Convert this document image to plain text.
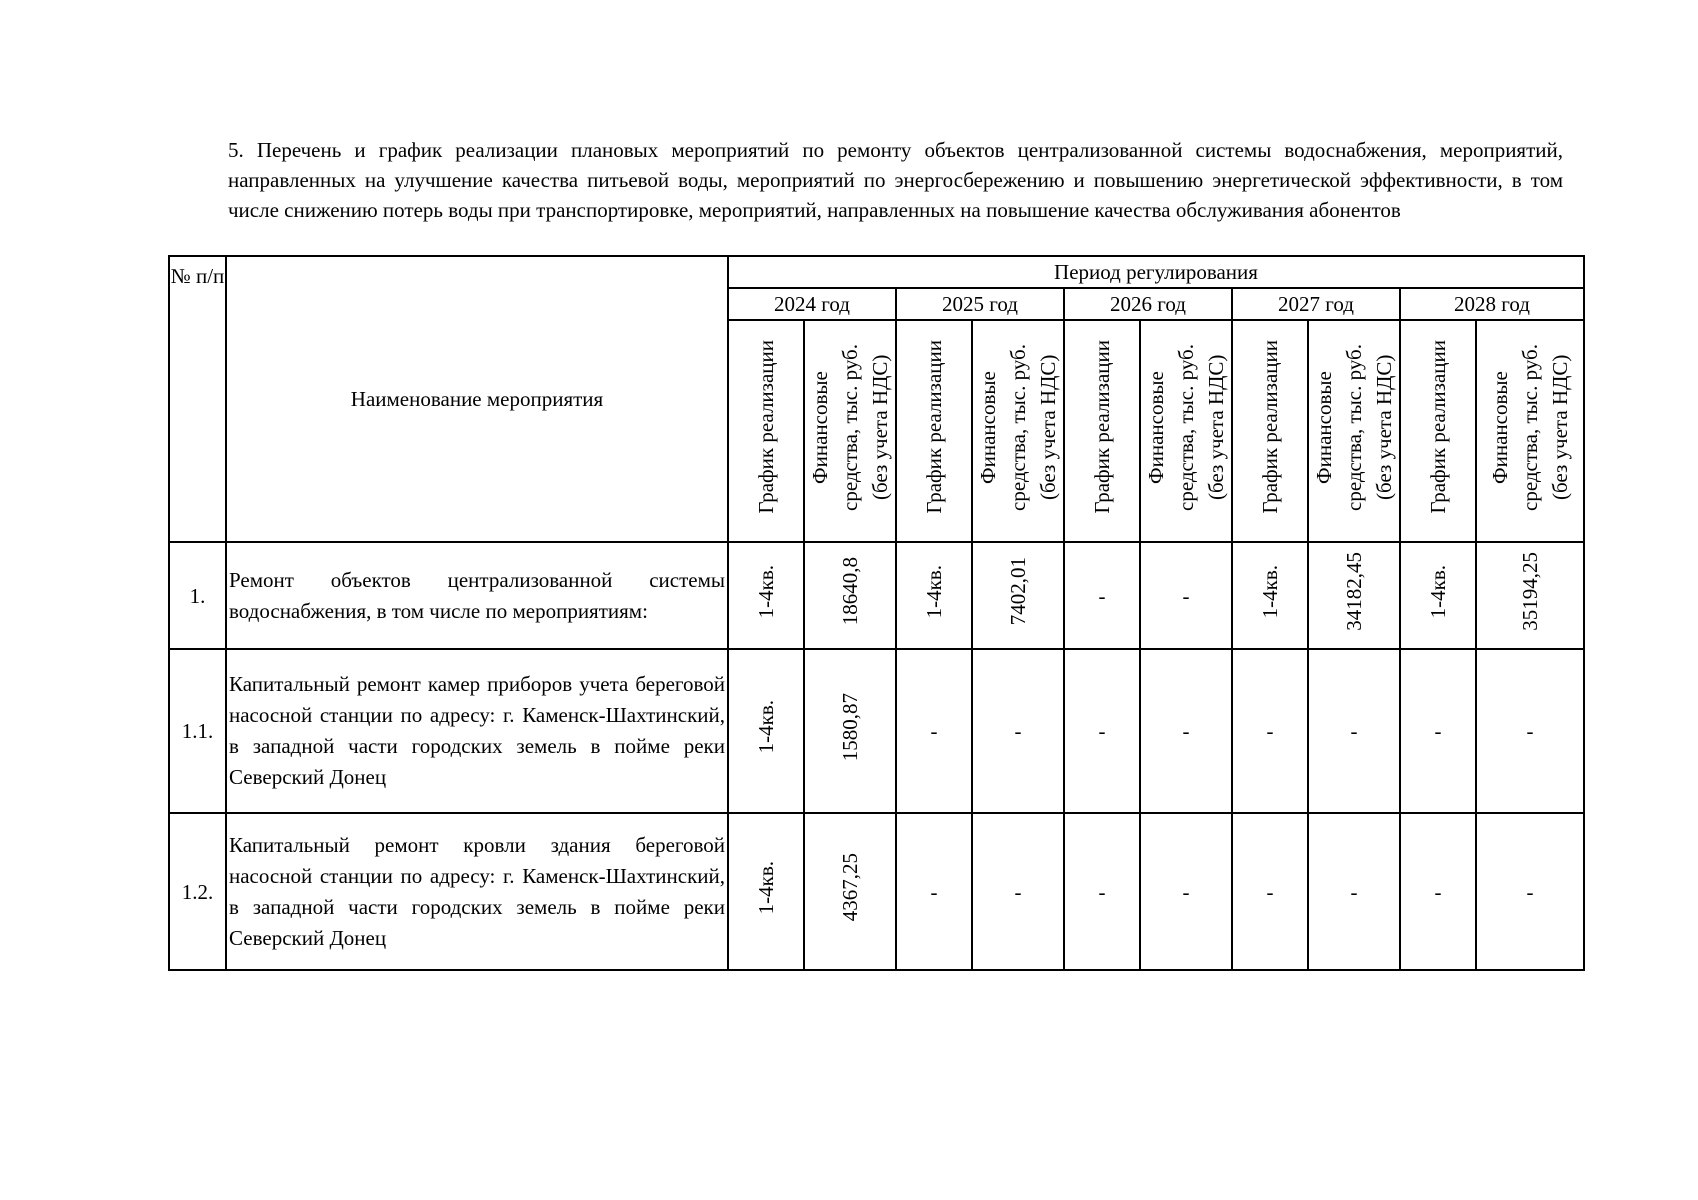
5. Перечень и график реализации плановых мероприятий по ремонту объектов централизованной системы водоснабжения, мероприятий, направленных на улучшение качества питьевой воды, мероприятий по энергосбережению и повышению энергетической эффективности, в том числе снижению потерь воды при транспортировке, мероприятий, направленных на повышение качества обслуживания абонентов
№ п/п	Наименование мероприятия	Период регулирования									
		2024 год		2025 год		2026 год		2027 год		2028 год	
		График реализации	Финансовые средства, тыс. руб. (без учета НДС)	График реализации	Финансовые средства, тыс. руб. (без учета НДС)	График реализации	Финансовые средства, тыс. руб. (без учета НДС)	График реализации	Финансовые средства, тыс. руб. (без учета НДС)	График реализации	Финансовые средства, тыс. руб. (без учета НДС)
1.	Ремонт объектов централизованной системы водоснабжения, в том числе по мероприятиям:	1-4кв.	18640,8	1-4кв.	7402,01	-	-	1-4кв.	34182,45	1-4кв.	35194,25
1.1.	Капитальный ремонт камер приборов учета береговой насосной станции по адресу: г. Каменск-Шахтинский, в западной части городских земель в пойме реки Северский Донец	1-4кв.	1580,87	-	-	-	-	-	-	-	-
1.2.	Капитальный ремонт кровли здания береговой насосной станции по адресу: г. Каменск-Шахтинский, в западной части городских земель в пойме реки Северский Донец	1-4кв.	4367,25	-	-	-	-	-	-	-	-
